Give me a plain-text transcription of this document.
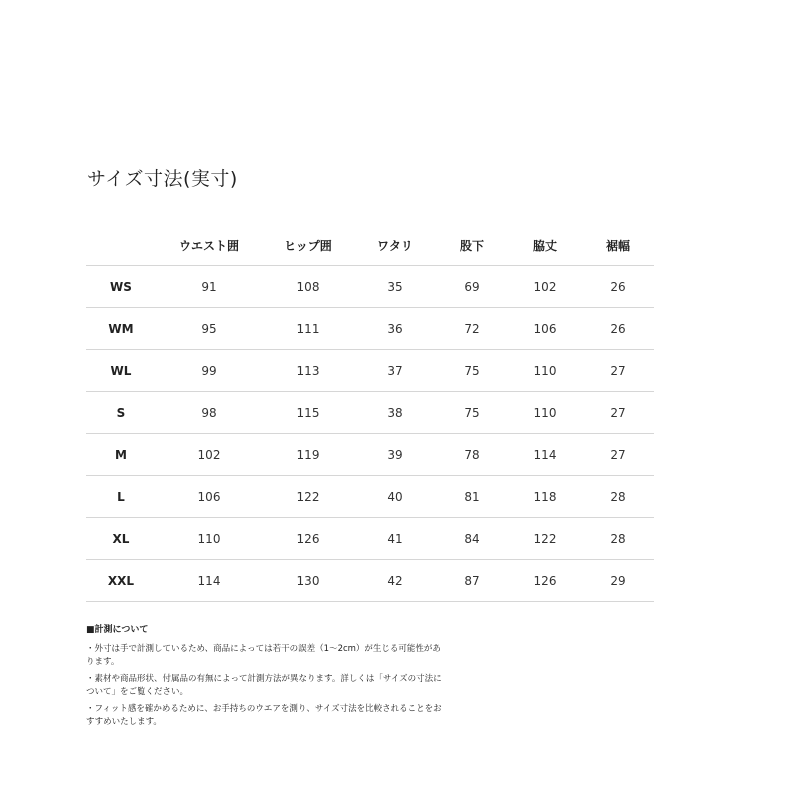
サイズ寸法(実寸)
	ウエスト囲	ヒップ囲	ワタリ	股下	脇丈	裾幅
WS	91	108	35	69	102	26
WM	95	111	36	72	106	26
WL	99	113	37	75	110	27
S	98	115	38	75	110	27
M	102	119	39	78	114	27
L	106	122	40	81	118	28
XL	110	126	41	84	122	28
XXL	114	130	42	87	126	29

■計測について

・外寸は手で計測しているため、商品によっては若干の誤差（1〜2cm）が生じる可能性があります。

・素材や商品形状、付属品の有無によって計測方法が異なります。詳しくは「サイズの寸法について」をご覧ください。

・フィット感を確かめるために、お手持ちのウエアを測り、サイズ寸法を比較されることをおすすめいたします。
